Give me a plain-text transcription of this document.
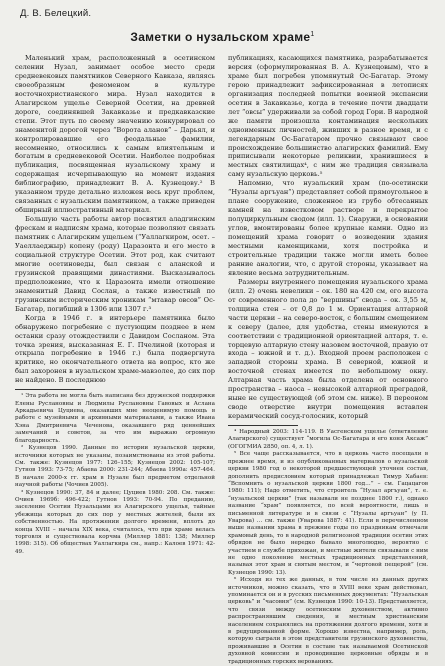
Д. В. Белецкий.
Заметки о нузальском храме$^1$

Маленький храм, расположенный в осетинском селении Нузал, занимает особое место среди средневековых памятников Северного Кавказа, являясь своеобразным феноменом в культуре восточнохристианского мира. Нузал находится в Алагирском ущелье Северной Осетии, на древней дороге, соединявшей Закавказье и предкавказские степи. Этот путь по своему значению конкурировал со знаменитой дорогой через “Ворота аланов” – Дарьял, и контролировавшие его феодальные фамилии, несомненно, относились к самым влиятельным и богатым в средневековой Осетии. Наиболее подробная публикация, посвященная нузальскому храму и содержащая исчерпывающую на момент издания библиографию, принадлежит В. А. Кузнецову.² В указанном труде детально изложен весь круг проблем, связанных с нузальским памятником, а также приведен обширный иллюстративный материал.

Большую часть работы автор посвятил аладгинским фрескам и надписям храма, которые позволяют связать памятник с Алагирским ущельем (“Уаллагкиром, осет. – Уаеллаеджыр) копену (роду) Царазонта и его место в социальной структуре Осетии. Этот род, как считают многие осетиноведы, был связан с аланской и грузинской правящими династиями. Высказывалось предположение, что к Царазонта имели отношение знаменитый Давид Сослан, а также известный по грузинским историческим хроникам “мтавар овсов” Ос-Багатар, погибший в 1306 или 1307 г.³

Когда в 1946 г. в интерьере памятника было обнаружено погребение с пустующим позднее в нем останки сразу отождествили с Давидом Сосланом. Эта точка зрения, высказанная Е. Г. Пчелиной (которая и открыла погребение в 1946 г.) была подвергнута критике, но окончательного ответа на вопрос, кто же был захоронен в нузальском храме-мавзолее, до сих пор не найдено. В последнюю

¹ Эта работа не могла быть написана без дружеской поддержки Елены Руслановны и Людмилы Руслановны Гавовых и Асланa Аркадьевича Цуциева, оказавших мне неоценимую помощь в работе с музейными и архивными материалами, а также Ивана Хэна Дмитриевича Чеченова, оказавшего ряд ценнейших замечаний и советов, за что им выражаю огромную благодарность.
² Кузнецов 1990. Данные по истории нузальской церкви, источники которых не указаны, позаимствованы из этой работы. См. также: Кузнецов 1977: 126–155; Кузнецов 2002: 105-107; Гутнов 1993: 73-75; Абаева 2000: 231-244; Абаева 1990а: 457-464. В начале 2000-х гг. храм в Нузале был предметом отдельной научной работы (Чочиев 2005).
³ Кузнецов 1990: 37, 84 и далее; Цуциев 1980: 208. См. также: Очиев 1969б: 496-422; Гутнов 1993: 70-94. По преданию, заселение Осетии Нузальцами из Алагирского ущелья, тайные убежища которых до сих пор у местных жителей, были их собственностью. На протяжении долгого времени, вплоть до конца XVIII – начала XIX века, считалось, что при храме велась торговля и существовала корчма (Миллер 1881: 138; Миллер 1998: 315). Об обществах Уаллагкира см., напр.: Калоев 1971: 42-49.

публикациях, касающихся памятника, разрабатывается версия (сформулированная В. А. Кузнецовым), что в храме был погребен упомянутый Ос-Багатар. Этому герою принадлежит зафиксированная в летописях организация последней попытки военной экспансии осетин в Закавказье, когда в течение почти двадцати лет “овсы” удерживали за собой город Гори. В народной же памяти произошла контаминация нескольких одноименных личностей, живших в разное время, и с легендарным Ос-Багатаром прочно связывают свое происхождение большинство алагирских фамилий. Ему приписывали некоторые реликвии, хранившиеся в местных святилищах⁴, с ним же традиция связывала саму нузальскую церковь.⁵

Напомню, что нузальский храм (по-осетински “Нузалы аргъуан”) представляет собой прямоугольное в плане сооружение, сложенное из грубо обтесанных камней на известковом растворе и перекрытое полуциркульным сводом (илл. 1). Снаружи, в основании углов, вмонтированы более крупные камни. Одно из помещений храма говорит о возведении здания местными каменщиками, хотя постройка и строительные традиции также могли иметь более ранние аналогии, что, с другой стороны, указывает на явление весьма затруднительным.

Размеры внутреннего помещения нузальского храма (илл. 2) очень невелики – ок. 180 на 420 см, его высота от современного пола до “вершины” свода – ок. 3,55 м, толщина стен – от 0,8 до 1 м. Ориентация алтарной части церкви – на северо-восток, с большим смещением к северу (далее, для удобства, стены именуются в соответствии с традиционной ориентацией алтаря, т. е. торцевую алтарную стену назовем восточной, правую от входа – южной и т. д.). Входной проем расположен с западной стороны храма. В северной, южной и восточной стенах имеется по небольшому окну. Алтарная часть храма была отделена от основного пространства – наоса – невысокой алтарной преградой, ныне не существующей (об этом см. ниже). В переоном своде отверстие внутри помещения вставлен керамический сосуд-голосник, который

⁴ Народный 2003: 114-119. В Уасгенском ущелье (ответвление Алагирского) существует “могила Ос-Багатара и его коня Аксаж” (ОГОГМИА 2850, оп. 4, л. 1).
⁵ Все чаще рассказывается, что в церковь часто посещали в прежнее время, и из опубликованных материалов о нузальской церкви 1980 год о некоторой предшествующей уточнен состав, дополнить предисловием который принадлежал Тимур Хабаев: “Вспомнить о нузальской церкви 1800 год…” – см. Гацацагов 1980: 111); Надо отметить, что строитель “Нузал аргъуан”, т. е. “нузальской церкви” (так называли не позднее 1800 г.), однако название “храм” появляется, по всей вероятности, лишь в письменной литературе и в связи с “Нузалы аргъуан” (у П. Уварова) … см. также (Уварова 1887: 41). Если в перечисленном выше названии храма в прежние годы по праздникам отмечали храмовый день, то в народной религиозной традиции осетин этих обрядов не было нередко бывало многолюдно, вероятно с участием в службе прихожан, и местные жители связывали с ним не одно поколение местных традиционных представлений, называя этот храм и святым местом, и “чертовой пещерой” (см. Кузнецов 1990: 13).
⁶ Исходя из тех же данных, в том числе из данных других источников, можно сказать, что в XVIII веке храм действовал, упоминается он и в русских письменных документах: “Нузальская церковь” и “часовня” (см. Кузнецов 1990: 10-13). Представляется, что связи между осетинским духовенством, активно распространявшим сведения, и местным христианским населением сохранялись на протяжении долгого времени, хотя и в редуцированной форме. Хорошо известна, например, роль, которую сыграли в этом представители грузинского духовенства, проживавшие в Осетии в составе так называемой Осетинской духовной комиссии и проводившие церковные обряды и в традиционных горских верованиях.
